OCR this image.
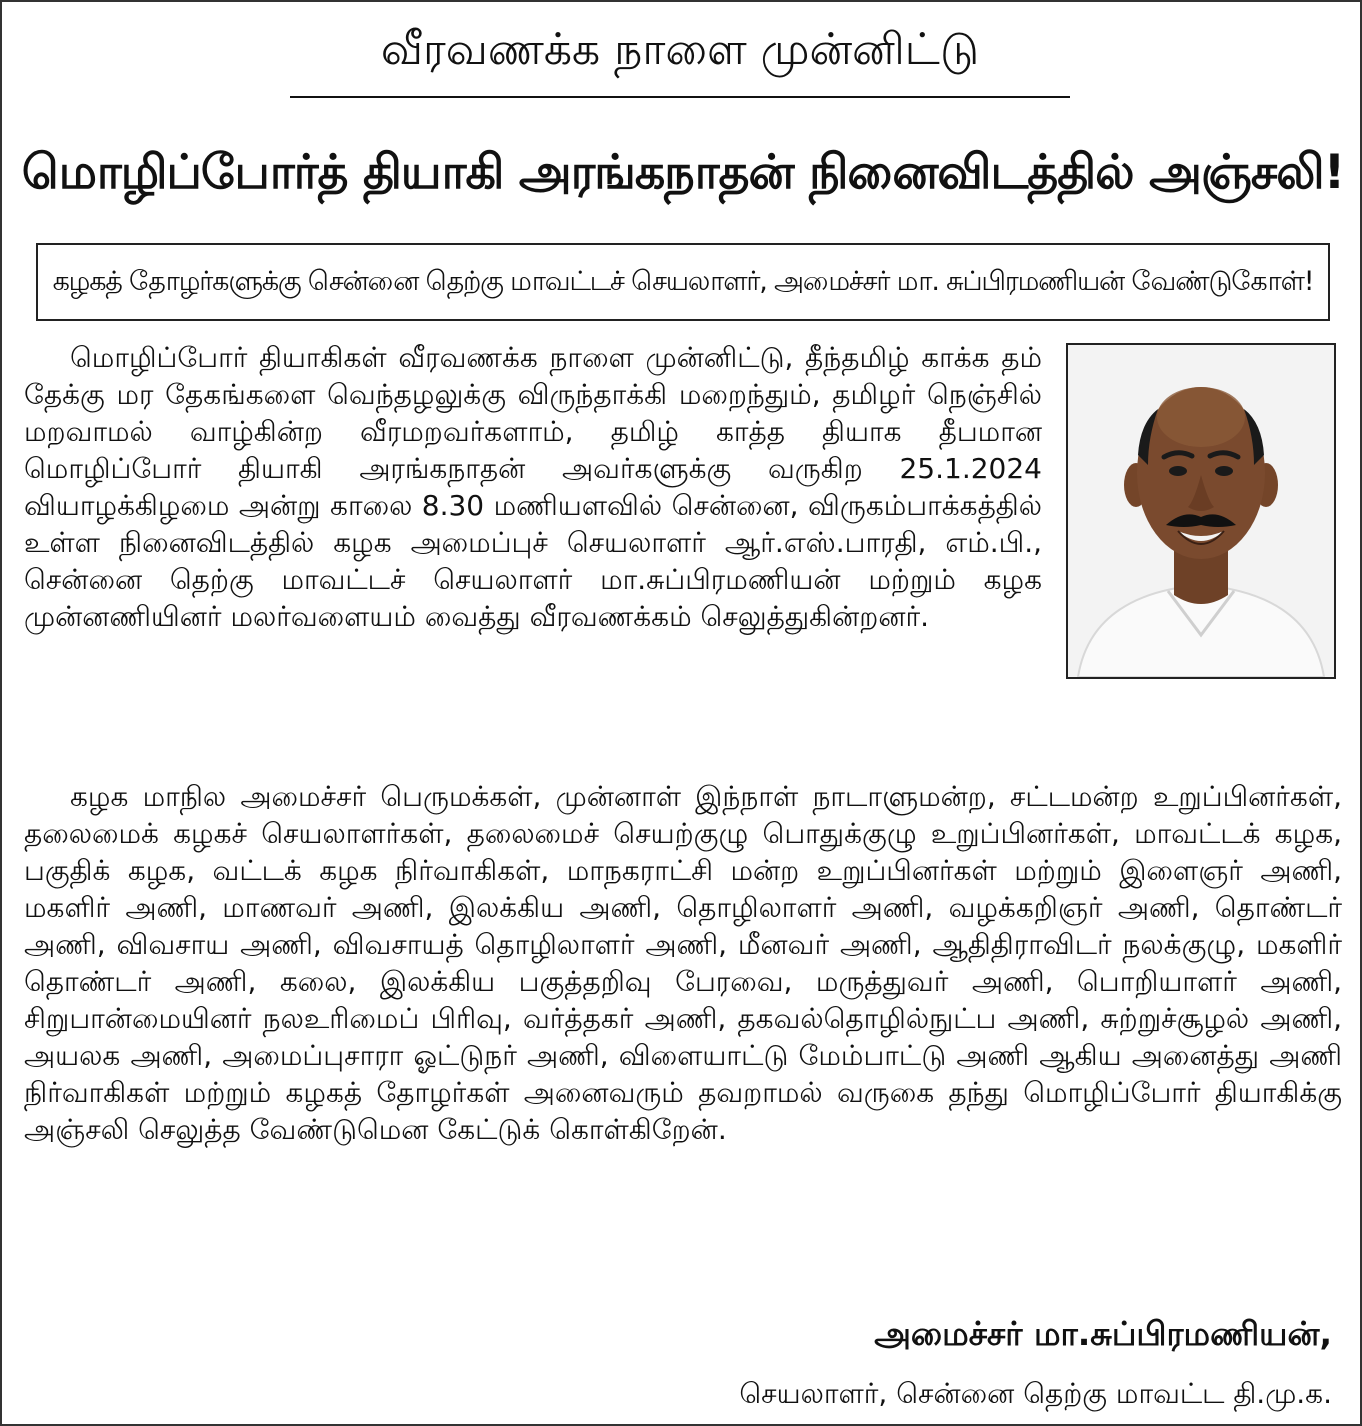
வீரவணக்க நாளை முன்னிட்டு
மொழிப்போர்த் தியாகி அரங்கநாதன் நினைவிடத்தில் அஞ்சலி!
கழகத் தோழர்களுக்கு சென்னை தெற்கு மாவட்டச் செயலாளர், அமைச்சர் மா. சுப்பிரமணியன் வேண்டுகோள்!

மொழிப்போர் தியாகிகள் வீரவணக்க நாளை முன்னிட்டு, தீந்தமிழ் காக்க தம் தேக்கு மர தேகங்களை வெந்தழலுக்கு விருந்தாக்கி மறைந்தும், தமிழர் நெஞ்சில் மறவாமல் வாழ்கின்ற வீரமறவர்களாம், தமிழ் காத்த தியாக தீபமான மொழிப்போர் தியாகி அரங்கநாதன் அவர்களுக்கு வருகிற 25.1.2024 வியாழக்கிழமை அன்று காலை 8.30 மணியளவில் சென்னை, விருகம்பாக்கத்தில் உள்ள நினைவிடத்தில் கழக அமைப்புச் செயலாளர் ஆர்.எஸ்.பாரதி, எம்.பி., சென்னை தெற்கு மாவட்டச் செயலாளர் மா.சுப்பிரமணியன் மற்றும் கழக முன்னணியினர் மலர்வளையம் வைத்து வீரவணக்கம் செலுத்துகின்றனர்.

கழக மாநில அமைச்சர் பெருமக்கள், முன்னாள் இந்நாள் நாடாளுமன்ற, சட்டமன்ற உறுப்பினர்கள், தலைமைக் கழகச் செயலாளர்கள், தலைமைச் செயற்குழு பொதுக்குழு உறுப்பினர்கள், மாவட்டக் கழக, பகுதிக் கழக, வட்டக் கழக நிர்வாகிகள், மாநகராட்சி மன்ற உறுப்பினர்கள் மற்றும் இளைஞர் அணி, மகளிர் அணி, மாணவர் அணி, இலக்கிய அணி, தொழிலாளர் அணி, வழக்கறிஞர் அணி, தொண்டர் அணி, விவசாய அணி, விவசாயத் தொழிலாளர் அணி, மீனவர் அணி, ஆதிதிராவிடர் நலக்குழு, மகளிர் தொண்டர் அணி, கலை, இலக்கிய பகுத்தறிவு பேரவை, மருத்துவர் அணி, பொறியாளர் அணி, சிறுபான்மையினர் நலஉரிமைப் பிரிவு, வர்த்தகர் அணி, தகவல்தொழில்நுட்ப அணி, சுற்றுச்சூழல் அணி, அயலக அணி, அமைப்புசாரா ஓட்டுநர் அணி, விளையாட்டு மேம்பாட்டு அணி ஆகிய அனைத்து அணி நிர்வாகிகள் மற்றும் கழகத் தோழர்கள் அனைவரும் தவறாமல் வருகை தந்து மொழிப்போர் தியாகிக்கு அஞ்சலி செலுத்த வேண்டுமென கேட்டுக் கொள்கிறேன்.

அமைச்சர் மா.சுப்பிரமணியன்,
செயலாளர், சென்னை தெற்கு மாவட்ட தி.மு.க.
